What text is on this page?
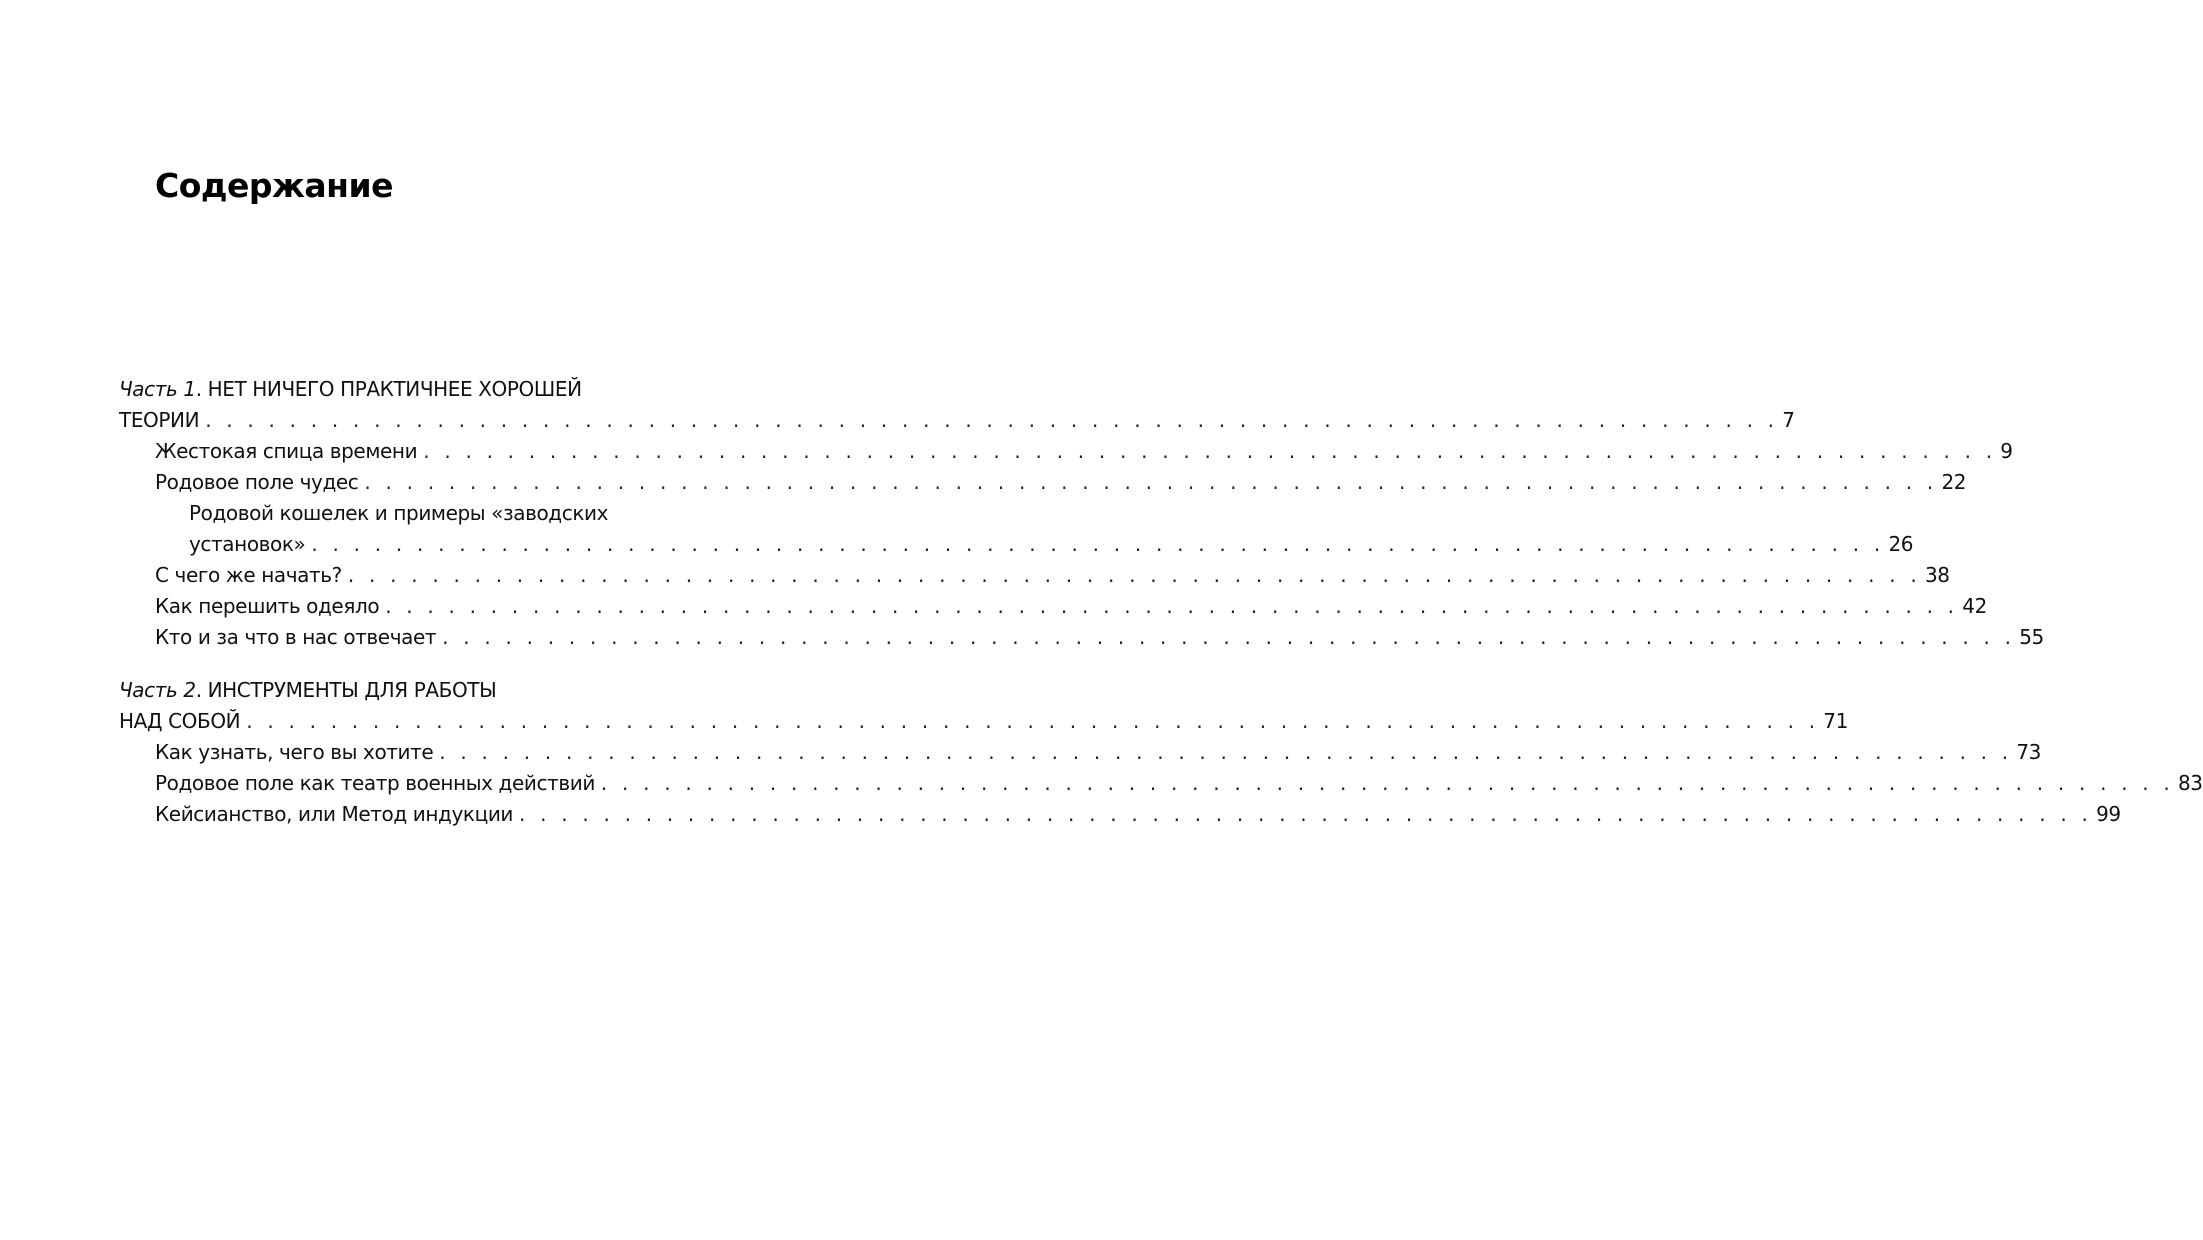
Содержание
Часть 1. НЕТ НИЧЕГО ПРАКТИЧНЕЕ ХОРОШЕЙ
ТЕОРИИ . . . . . . . . . . . . . . . . . . . . . . . . . . . . . . . . . . . . . . . . . . . . . . . . . . . . . . . . . . . . . . . . . . . . . . . . . . . 7
Жестокая спица времени . . . . . . . . . . . . . . . . . . . . . . . . . . . . . . . . . . . . . . . . . . . . . . . . . . . . . . . . . . . . . . . . . . . . . . . . . . . 9
Родовое поле чудес . . . . . . . . . . . . . . . . . . . . . . . . . . . . . . . . . . . . . . . . . . . . . . . . . . . . . . . . . . . . . . . . . . . . . . . . . . . 22
Родовой кошелек и примеры «заводских
установок» . . . . . . . . . . . . . . . . . . . . . . . . . . . . . . . . . . . . . . . . . . . . . . . . . . . . . . . . . . . . . . . . . . . . . . . . . . . 26
С чего же начать? . . . . . . . . . . . . . . . . . . . . . . . . . . . . . . . . . . . . . . . . . . . . . . . . . . . . . . . . . . . . . . . . . . . . . . . . . . . 38
Как перешить одеяло . . . . . . . . . . . . . . . . . . . . . . . . . . . . . . . . . . . . . . . . . . . . . . . . . . . . . . . . . . . . . . . . . . . . . . . . . . . 42
Кто и за что в нас отвечает . . . . . . . . . . . . . . . . . . . . . . . . . . . . . . . . . . . . . . . . . . . . . . . . . . . . . . . . . . . . . . . . . . . . . . . . . . . 55
Часть 2. ИНСТРУМЕНТЫ ДЛЯ РАБОТЫ
НАД СОБОЙ . . . . . . . . . . . . . . . . . . . . . . . . . . . . . . . . . . . . . . . . . . . . . . . . . . . . . . . . . . . . . . . . . . . . . . . . . . . 71
Как узнать, чего вы хотите . . . . . . . . . . . . . . . . . . . . . . . . . . . . . . . . . . . . . . . . . . . . . . . . . . . . . . . . . . . . . . . . . . . . . . . . . . . 73
Родовое поле как театр военных действий . . . . . . . . . . . . . . . . . . . . . . . . . . . . . . . . . . . . . . . . . . . . . . . . . . . . . . . . . . . . . . . . . . . . . . . . . . . 83
Кейсианство, или Метод индукции . . . . . . . . . . . . . . . . . . . . . . . . . . . . . . . . . . . . . . . . . . . . . . . . . . . . . . . . . . . . . . . . . . . . . . . . . . . 99
